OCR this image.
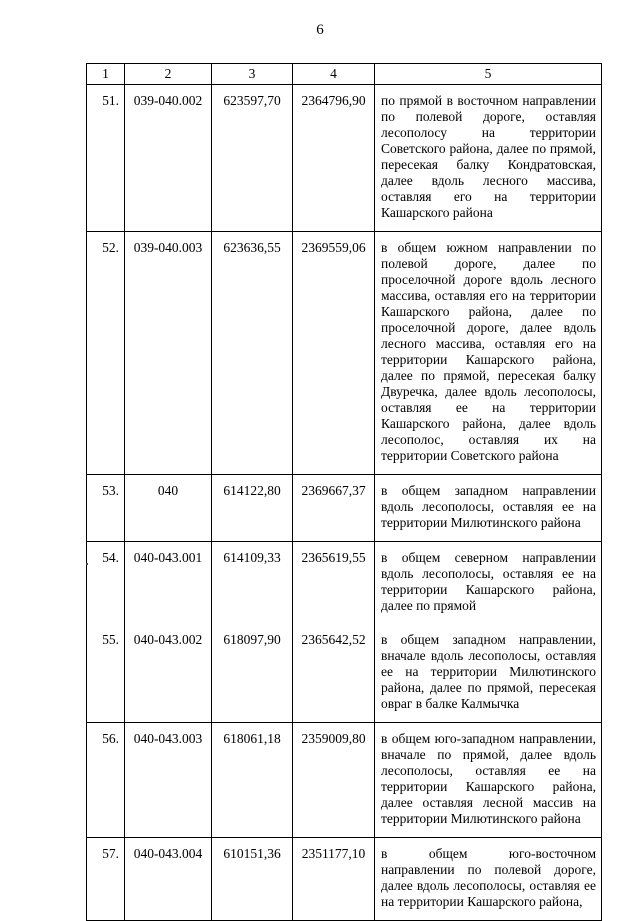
6
1	2	3	4	5
51.	039-040.002	623597,70	2364796,90	по прямой в восточном направлении по полевой дороге, оставляя лесополосу на территории Советского района, далее по прямой, пересекая балку Кондратовская, далее вдоль лесного массива, оставляя его на территории Кашарского района
52.	039-040.003	623636,55	2369559,06	в общем южном направлении по полевой дороге, далее по проселочной дороге вдоль лесного массива, оставляя его на территории Кашарского района, далее по проселочной дороге, далее вдоль лесного массива, оставляя его на территории Кашарского района, далее по прямой, пересекая балку Двуречка, далее вдоль лесополосы, оставляя ее на территории Кашарского района, далее вдоль лесополос, оставляя их на территории Советского района
53.	040	614122,80	2369667,37	в общем западном направлении вдоль лесополосы, оставляя ее на территории Милютинского района
54.	040-043.001	614109,33	2365619,55	в общем северном направлении вдоль лесополосы, оставляя ее на территории Кашарского района, далее по прямой
55.	040-043.002	618097,90	2365642,52	в общем западном направлении, вначале вдоль лесополосы, оставляя ее на территории Милютинского района, далее по прямой, пересекая овраг в балке Калмычка
56.	040-043.003	618061,18	2359009,80	в общем юго-западном направлении, вначале по прямой, далее вдоль лесополосы, оставляя ее на территории Кашарского района, далее оставляя лесной массив на территории Милютинского района
57.	040-043.004	610151,36	2351177,10	в общем юго-восточном направлении по полевой дороге, далее вдоль лесополосы, оставляя ее на территории Кашарского района,
